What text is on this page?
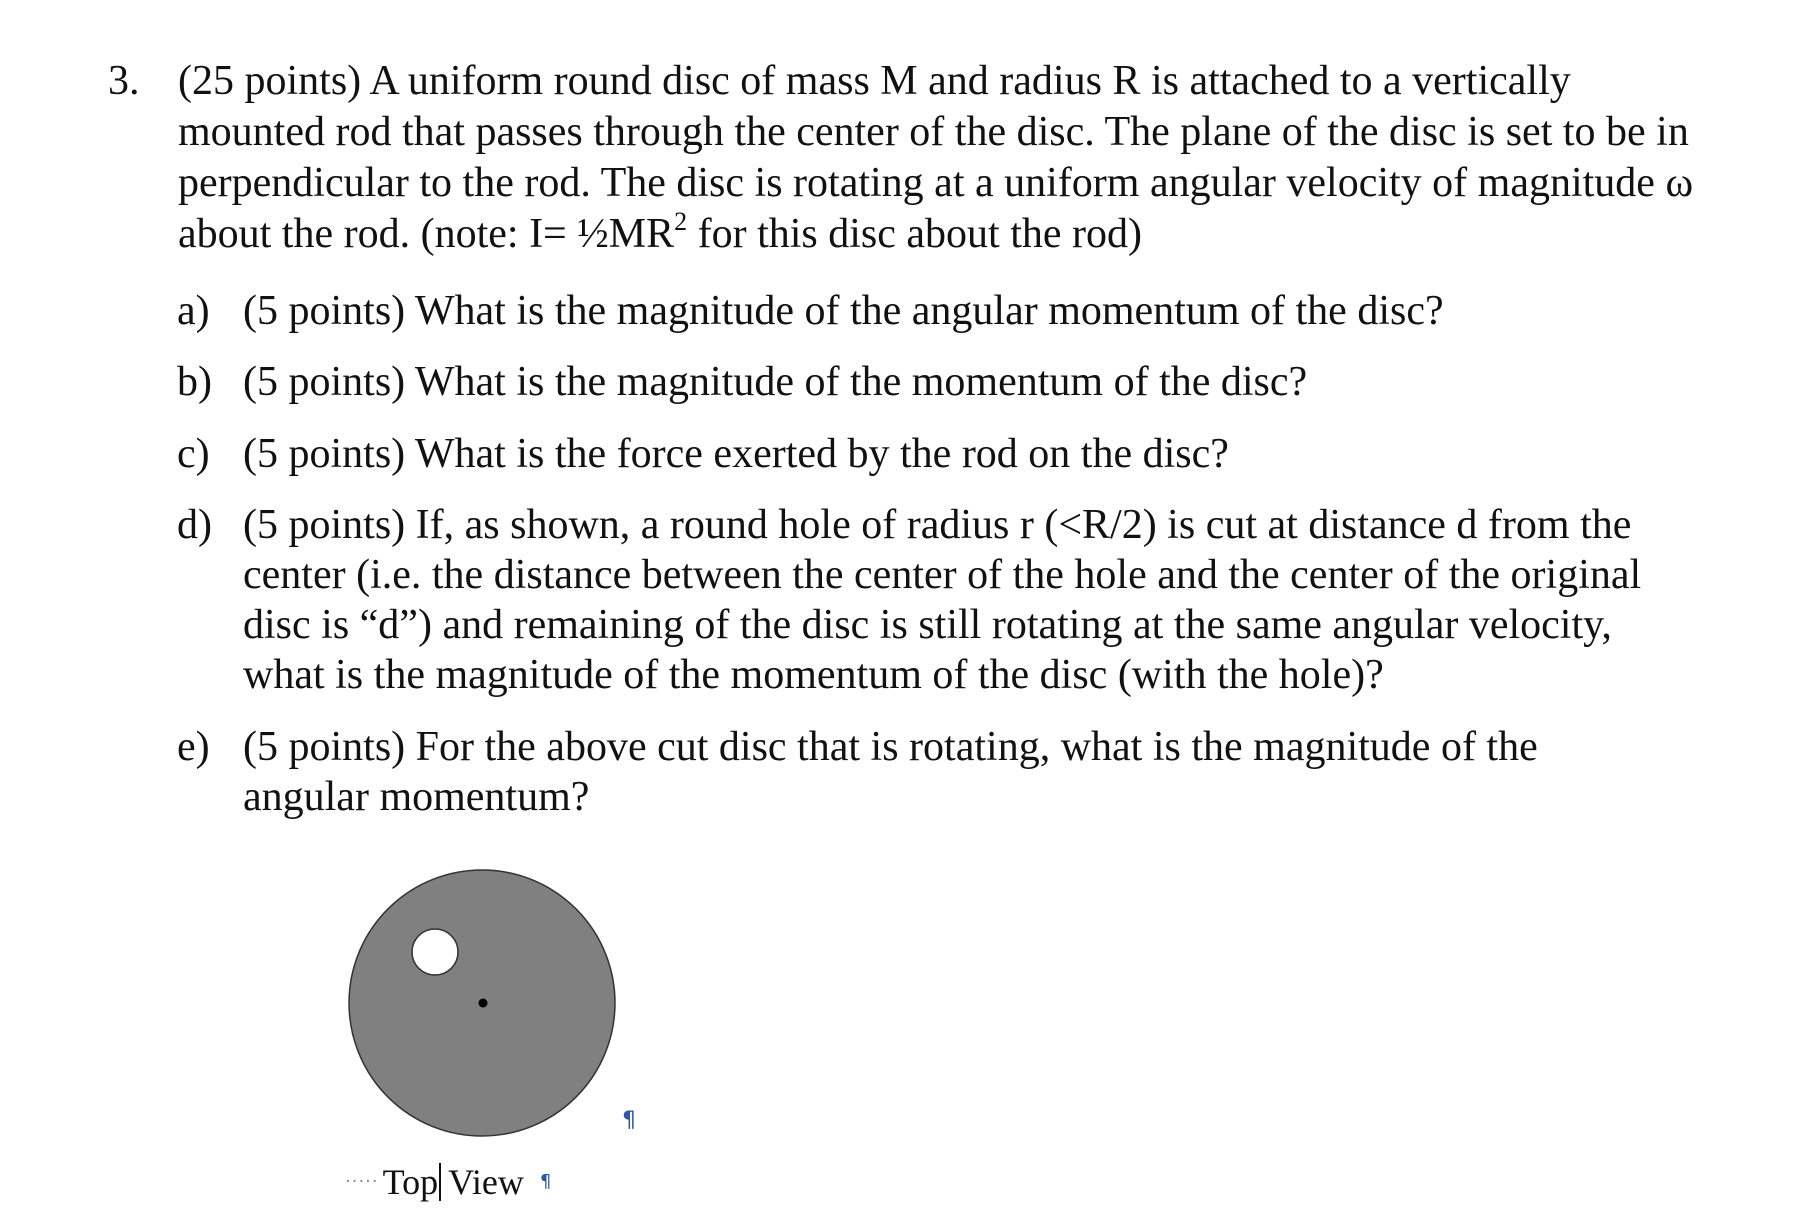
3. (25 points) A uniform round disc of mass M and radius R is attached to a vertically mounted rod that passes through the center of the disc. The plane of the disc is set to be in perpendicular to the rod. The disc is rotating at a uniform angular velocity of magnitude ω about the rod. (note: $I= \frac{1}{2}MR^2$ for this disc about the rod)
a) (5 points) What is the magnitude of the angular momentum of the disc?
b) (5 points) What is the magnitude of the momentum of the disc?
c) (5 points) What is the force exerted by the rod on the disc?
d) (5 points) If, as shown, a round hole of radius r (<R/2) is cut at distance d from the center (i.e. the distance between the center of the hole and the center of the original disc is “d”) and remaining of the disc is still rotating at the same angular velocity, what is the magnitude of the momentum of the disc (with the hole)?
e) (5 points) For the above cut disc that is rotating, what is the magnitude of the angular momentum?
¶
····· Top View ¶
